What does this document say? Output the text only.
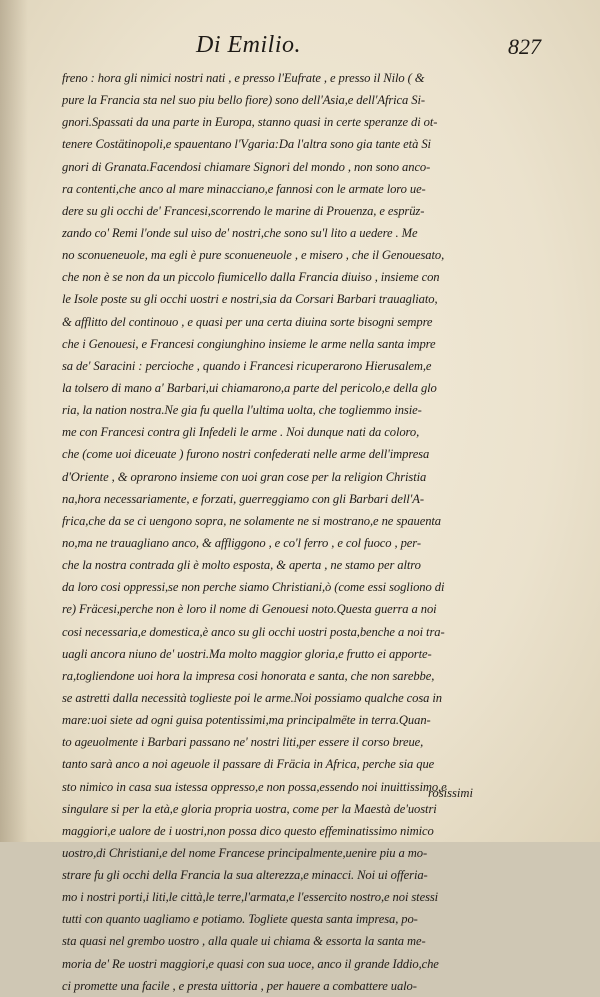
Di Emilio.	827
freno : hora gli nimici nostri nati , e presso l'Eufrate , e presso il Nilo ( &
pure la Francia sta nel suo piu bello fiore) sono dell'Asia,e dell'Africa Si-
gnori.Spassati da una parte in Europa, stanno quasi in certe speranze di ot-
tenere Costätinopoli,e spauentano l'Vgaria:Da l'altra sono gia tante età Si
gnori di Granata.Facendosi chiamare Signori del mondo , non sono anco-
ra contenti,che anco al mare minacciano,e fannosi con le armate loro ue-
dere su gli occhi de' Francesi,scorrendo le marine di Prouenza, e esprüz-
zando co' Remi l'onde sul uiso de' nostri,che sono su'l lito a uedere . Me
no sconueneuole, ma egli è pure sconueneuole , e misero , che il Genouesato,
che non è se non da un piccolo fiumicello dalla Francia diuiso , insieme con
le Isole poste su gli occhi uostri e nostri,sia da Corsari Barbari trauagliato,
& afflitto del continouo , e quasi per una certa diuina sorte bisogni sempre
che i Genouesi, e Francesi congiunghino insieme le arme nella santa impre
sa de' Saracini : percioche , quando i Francesi ricuperarono Hierusalem,e
la tolsero di mano a' Barbari,ui chiamarono,a parte del pericolo,e della glo
ria, la nation nostra.Ne gia fu quella l'ultima uolta, che togliemmo insie-
me con Francesi contra gli Infedeli le arme . Noi dunque nati da coloro,
che (come uoi diceuate ) furono nostri confederati nelle arme dell'impresa
d'Oriente , & oprarono insieme con uoi gran cose per la religion Christia
na,hora necessariamente, e forzati, guerreggiamo con gli Barbari dell'A-
frica,che da se ci uengono sopra, ne solamente ne si mostrano,e ne spauenta
no,ma ne trauagliano anco, & affliggono , e co'l ferro , e col fuoco , per-
che la nostra contrada gli è molto esposta, & aperta , ne stamo per altro
da loro cosi oppressi,se non perche siamo Christiani,ò (come essi sogliono di
re) Fräcesi,perche non è loro il nome di Genouesi noto.Questa guerra a noi
cosi necessaria,e domestica,è anco su gli occhi uostri posta,benche a noi tra-
uagli ancora niuno de' uostri.Ma molto maggior gloria,e frutto ei apporte-
ra,togliendone uoi hora la impresa cosi honorata e santa, che non sarebbe,
se astretti dalla necessità toglieste poi le arme.Noi possiamo qualche cosa in
mare:uoi siete ad ogni guisa potentissimi,ma principalmëte in terra.Quan-
to ageuolmente i Barbari passano ne' nostri liti,per essere il corso breue,
tanto sarà anco a noi ageuole il passare di Fräcia in Africa, perche sia que
sto nimico in casa sua istessa oppresso,e non possa,essendo noi inuittissimo,e
singulare si per la età,e gloria propria uostra, come per la Maestà de'uostri
maggiori,e ualore de i uostri,non possa dico questo effeminatissimo nimico
uostro,di Christiani,e del nome Francese principalmente,uenire piu a mo-
strare fu gli occhi della Francia la sua alterezza,e minacci. Noi ui offeria-
mo i nostri porti,i liti,le città,le terre,l'armata,e l'essercito nostro,e noi stessi
tutti con quanto uagliamo e potiamo. Togliete questa santa impresa, po-
sta quasi nel grembo uostro , alla quale ui chiama & essorta la santa me-
moria de' Re uostri maggiori,e quasi con sua uoce, anco il grande Iddio,che
ci promette una facile , e presta uittoria , per hauere a combattere ualo-
rosissimi
